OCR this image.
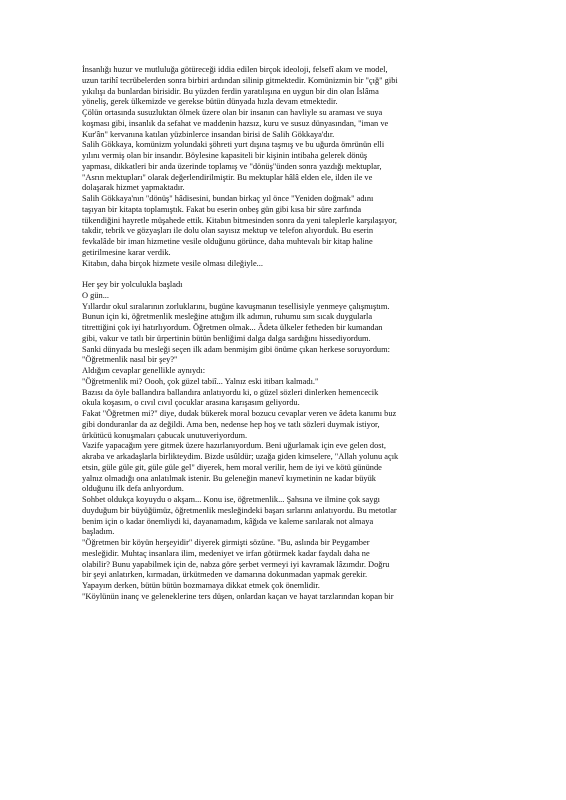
İnsanlığı huzur ve mutluluğa götüreceği iddia edilen birçok ideoloji, felsefî akım ve model,
uzun tarihî tecrübelerden sonra birbiri ardından silinip gitmektedir. Komünizmin bir "çığ" gibi
yıkılışı da bunlardan birisidir. Bu yüzden ferdin yaratılışına en uygun bir din olan İslâma
yöneliş, gerek ülkemizde ve gerekse bütün dünyada hızla devam etmektedir.
Çölün ortasında susuzluktan ölmek üzere olan bir insanın can havliyle su araması ve suya
koşması gibi, insanlık da sefahat ve maddenin hazsız, kuru ve susuz dünyasından, "iman ve
Kur'ân" kervanına katılan yüzbinlerce insandan birisi de Salih Gökkaya'dır.
Salih Gökkaya, komünizm yolundaki şöhreti yurt dışına taşmış ve bu uğurda ömrünün elli
yılını vermiş olan bir insandır. Böylesine kapasiteli bir kişinin intibaha gelerek dönüş
yapması, dikkatleri bir anda üzerinde toplamış ve "dönüş"ünden sonra yazdığı mektuplar,
"Asrın mektupları" olarak değerlendirilmiştir. Bu mektuplar hâlâ elden ele, ilden ile ve
dolaşarak hizmet yapmaktadır.
Salih Gökkaya'nın "dönüş" hâdisesini, bundan birkaç yıl önce "Yeniden doğmak" adını
taşıyan bir kitapta toplamıştık. Fakat bu eserin onbeş gün gibi kısa bir süre zarfında
tükendiğini hayretle müşahede ettik. Kitabın bitmesinden sonra da yeni taleplerle karşılaşıyor,
takdir, tebrik ve gözyaşları ile dolu olan sayısız mektup ve telefon alıyorduk. Bu eserin
fevkalâde bir iman hizmetine vesile olduğunu görünce, daha muhtevalı bir kitap haline
getirilmesine karar verdik.
Kitabın, daha birçok hizmete vesile olması dileğiyle...
Her şey bir yolculukla başladı
O gün...
Yıllardır okul sıralarının zorluklarını, bugüne kavuşmanın tesellisiyle yenmeye çalışmıştım.
Bunun için ki, öğretmenlik mesleğine attığım ilk adımın, ruhumu sım sıcak duygularla
titrettiğini çok iyi hatırlıyordum. Öğretmen olmak... Âdeta ülkeler fetheden bir kumandan
gibi, vakur ve tatlı bir ürpertinin bütün benliğimi dalga dalga sardığını hissediyordum.
Sanki dünyada bu mesleği seçen ilk adam benmişim gibi önüme çıkan herkese soruyordum:
"Öğretmenlik nasıl bir şey?"
Aldığım cevaplar genellikle aynıydı:
"Öğretmenlik mi? Oooh, çok güzel tabiî... Yalnız eski itibarı kalmadı."
Bazısı da öyle ballandıra ballandıra anlatıyordu ki, o güzel sözleri dinlerken hemencecik
okula koşasım, o cıvıl cıvıl çocuklar arasına karışasım geliyordu.
Fakat "Öğretmen mi?" diye, dudak bükerek moral bozucu cevaplar veren ve âdeta kanımı buz
gibi donduranlar da az değildi. Ama ben, nedense hep hoş ve tatlı sözleri duymak istiyor,
ürkütücü konuşmaları çabucak unutuveriyordum.
Vazife yapacağım yere gitmek üzere hazırlanıyordum. Beni uğurlamak için eve gelen dost,
akraba ve arkadaşlarla birlikteydim. Bizde usûldür; uzağa giden kimselere, "Allah yolunu açık
etsin, güle güle git, güle güle gel" diyerek, hem moral verilir, hem de iyi ve kötü gününde
yalnız olmadığı ona anlatılmak istenir. Bu geleneğin manevî kıymetinin ne kadar büyük
olduğunu ilk defa anlıyordum.
Sohbet oldukça koyuydu o akşam... Konu ise, öğretmenlik... Şahsına ve ilmine çok saygı
duyduğum bir büyüğümüz, öğretmenlik mesleğindeki başarı sırlarını anlatıyordu. Bu metotlar
benim için o kadar önemliydi ki, dayanamadım, kâğıda ve kaleme sarılarak not almaya
başladım.
"Öğretmen bir köyün herşeyidir" diyerek girmişti sözüne. "Bu, aslında bir Peygamber
mesleğidir. Muhtaç insanlara ilim, medeniyet ve irfan götürmek kadar faydalı daha ne
olabilir? Bunu yapabilmek için de, nabza göre şerbet vermeyi iyi kavramak lâzımdır. Doğru
bir şeyi anlatırken, kırmadan, ürkütmeden ve damarına dokunmadan yapmak gerekir.
Yapayım derken, bütün bütün bozmamaya dikkat etmek çok önemlidir.
"Köylünün inanç ve geleneklerine ters düşen, onlardan kaçan ve hayat tarzlarından kopan bir
